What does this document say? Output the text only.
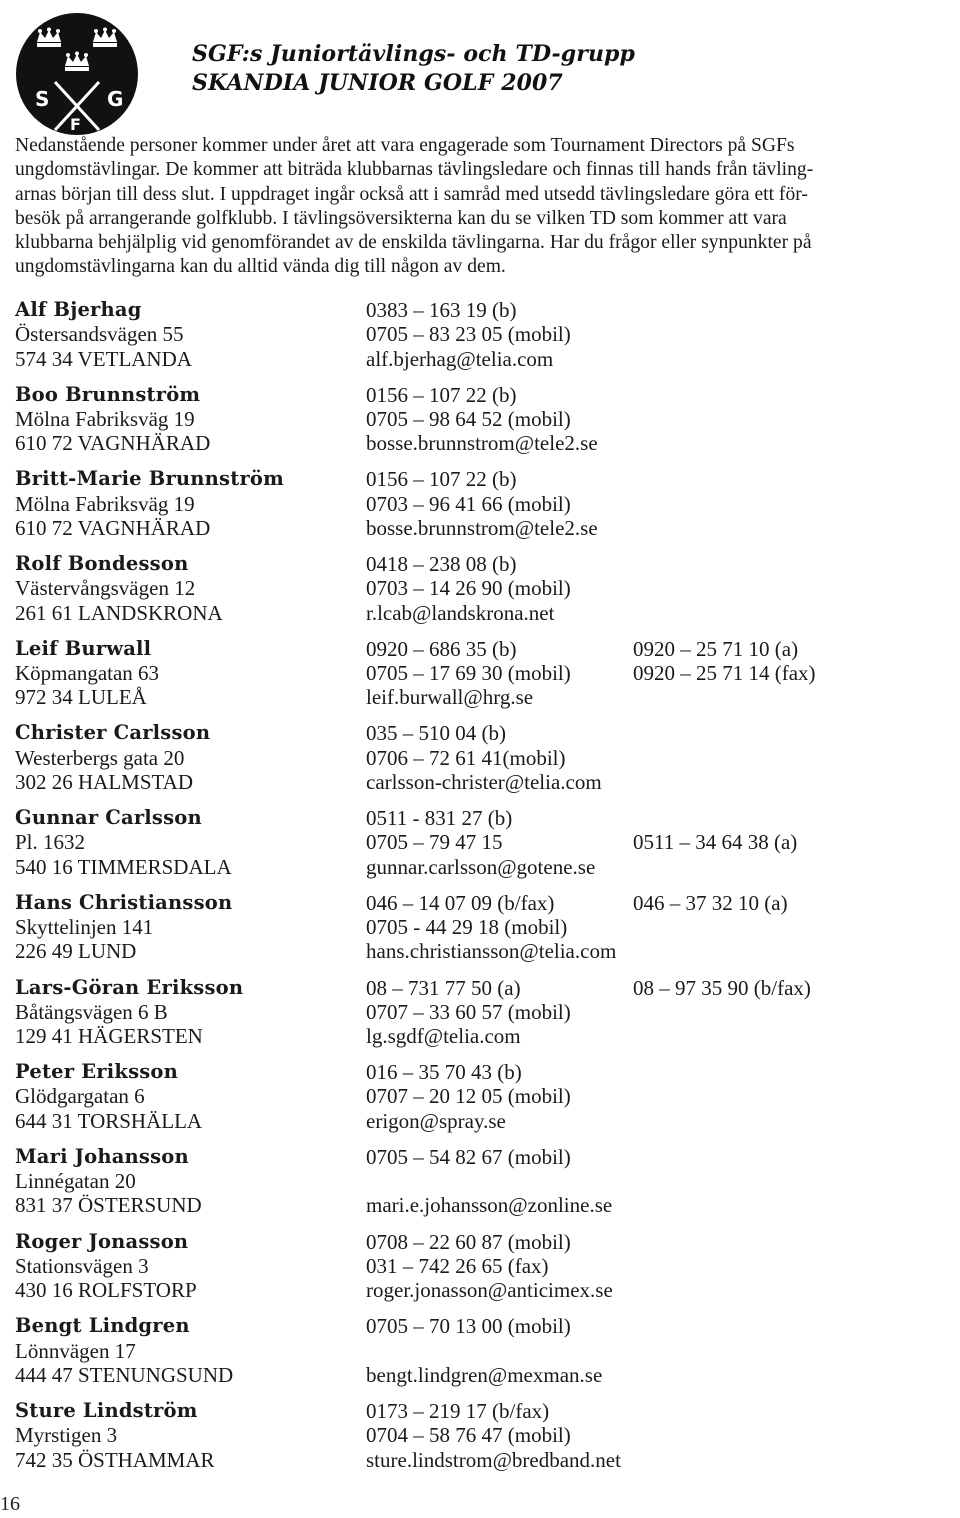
S	G
F
SGF:s Juniortävlings- och TD-grupp
SKANDIA JUNIOR GOLF 2007
Nedanstående personer kommer under året att vara engagerade som Tournament Directors på SGFs
ungdomstävlingar. De kommer att biträda klubbarnas tävlingsledare och finnas till hands från tävling-
arnas början till dess slut. I uppdraget ingår också att i samråd med utsedd tävlingsledare göra ett för-
besök på arrangerande golfklubb. I tävlingsöversikterna kan du se vilken TD som kommer att vara
klubbarna behjälplig vid genomförandet av de enskilda tävlingarna. Har du frågor eller synpunkter på
ungdomstävlingarna kan du alltid vända dig till någon av dem.
Alf Bjerhag
Östersandsvägen 55
574 34 VETLANDA
0383 – 163 19 (b)
0705 – 83 23 05 (mobil)
alf.bjerhag@telia.com
Boo Brunnström
Mölna Fabriksväg 19
610 72 VAGNHÄRAD
0156 – 107 22 (b)
0705 – 98 64 52 (mobil)
bosse.brunnstrom@tele2.se
Britt-Marie Brunnström
Mölna Fabriksväg 19
610 72 VAGNHÄRAD
0156 – 107 22 (b)
0703 – 96 41 66 (mobil)
bosse.brunnstrom@tele2.se
Rolf Bondesson
Västervångsvägen 12
261 61 LANDSKRONA
0418 – 238 08 (b)
0703 – 14 26 90 (mobil)
r.lcab@landskrona.net
Leif Burwall
Köpmangatan 63
972 34 LULEÅ
0920 – 686 35 (b)
0705 – 17 69 30 (mobil)
leif.burwall@hrg.se
0920 – 25 71 10 (a)
0920 – 25 71 14 (fax)
Christer Carlsson
Westerbergs gata 20
302 26 HALMSTAD
035 – 510 04 (b)
0706 – 72 61 41(mobil)
carlsson-christer@telia.com
Gunnar Carlsson
Pl. 1632
540 16 TIMMERSDALA
0511 - 831 27 (b)
0705 – 79 47 15
gunnar.carlsson@gotene.se
0511 – 34 64 38 (a)
Hans Christiansson
Skyttelinjen 141
226 49 LUND
046 – 14 07 09 (b/fax)
0705 - 44 29 18 (mobil)
hans.christiansson@telia.com
046 – 37 32 10 (a)
Lars-Göran Eriksson
Båtängsvägen 6 B
129 41 HÄGERSTEN
08 – 731 77 50 (a)
0707 – 33 60 57 (mobil)
lg.sgdf@telia.com
08 – 97 35 90 (b/fax)
Peter Eriksson
Glödgargatan 6
644 31 TORSHÄLLA
016 – 35 70 43 (b)
0707 – 20 12 05 (mobil)
erigon@spray.se
Mari Johansson
Linnégatan 20
831 37 ÖSTERSUND
0705 – 54 82 67 (mobil)
mari.e.johansson@zonline.se
Roger Jonasson
Stationsvägen 3
430 16 ROLFSTORP
0708 – 22 60 87 (mobil)
031 – 742 26 65 (fax)
roger.jonasson@anticimex.se
Bengt Lindgren
Lönnvägen 17
444 47 STENUNGSUND
0705 – 70 13 00 (mobil)
bengt.lindgren@mexman.se
Sture Lindström
Myrstigen 3
742 35 ÖSTHAMMAR
0173 – 219 17 (b/fax)
0704 – 58 76 47 (mobil)
sture.lindstrom@bredband.net
16
